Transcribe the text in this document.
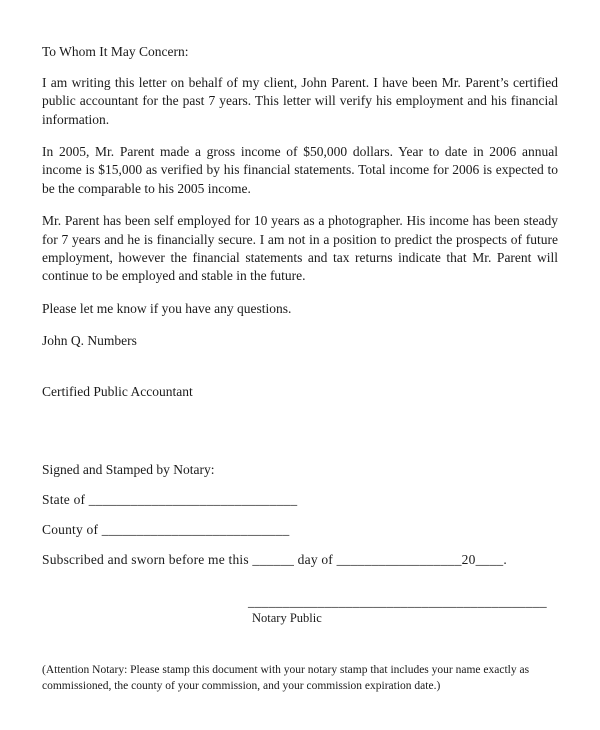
To Whom It May Concern:

I am writing this letter on behalf of my client, John Parent. I have been Mr. Parent’s certified public accountant for the past 7 years. This letter will verify his employment and his financial information.

In 2005, Mr. Parent made a gross income of $50,000 dollars. Year to date in 2006 annual income is $15,000 as verified by his financial statements. Total income for 2006 is expected to be the comparable to his 2005 income.

Mr. Parent has been self employed for 10 years as a photographer. His income has been steady for 7 years and he is financially secure. I am not in a position to predict the prospects of future employment, however the financial statements and tax returns indicate that Mr. Parent will continue to be employed and stable in the future.

Please let me know if you have any questions.

John Q. Numbers

Certified Public Accountant

Signed and Stamped by Notary:

State of ______________________________

County of ___________________________

Subscribed and sworn before me this ______ day of __________________20____.

___________________________________________
Notary Public

(Attention Notary: Please stamp this document with your notary stamp that includes your name exactly as commissioned, the county of your commission, and your commission expiration date.)
